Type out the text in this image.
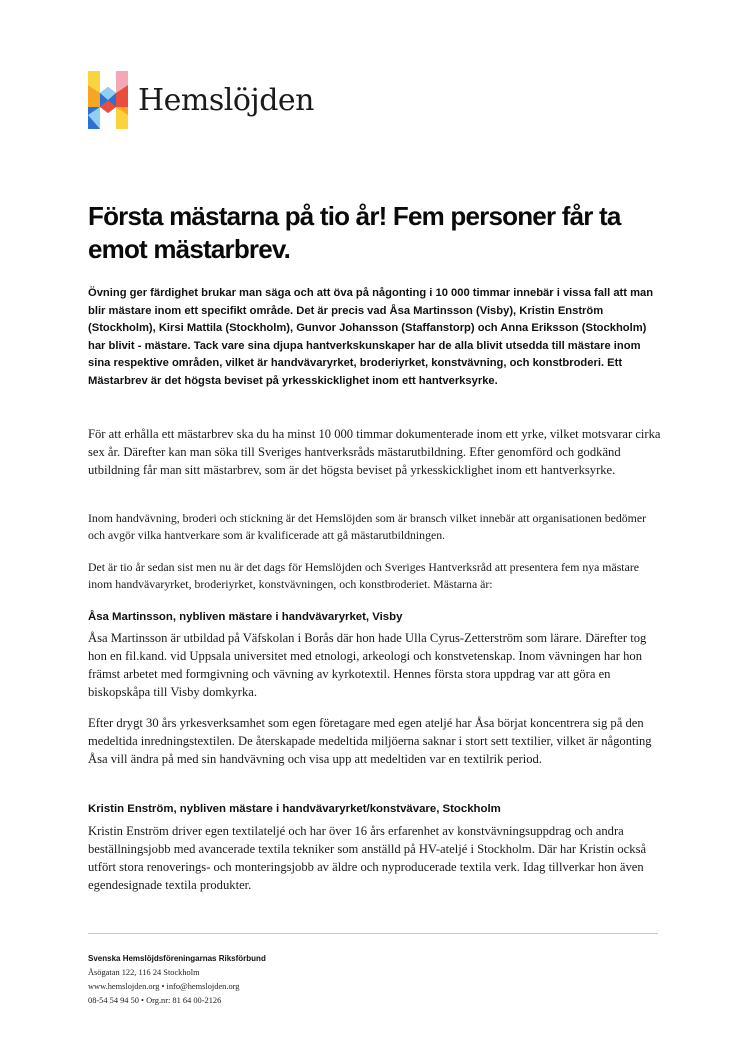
Hemslöjden
Första mästarna på tio år! Fem personer får ta emot mästarbrev.

Övning ger färdighet brukar man säga och att öva på någonting i 10 000 timmar innebär i vissa fall att man blir mästare inom ett specifikt område. Det är precis vad Åsa Martinsson (Visby), Kristin Enström (Stockholm), Kirsi Mattila (Stockholm), Gunvor Johansson (Staffanstorp) och Anna Eriksson (Stockholm) har blivit - mästare. Tack vare sina djupa hantverkskunskaper har de alla blivit utsedda till mästare inom sina respektive områden, vilket är handvävaryrket, broderiyrket, konstvävning, och konstbroderi. Ett Mästarbrev är det högsta beviset på yrkesskicklighet inom ett hantverksyrke.

För att erhålla ett mästarbrev ska du ha minst 10 000 timmar dokumenterade inom ett yrke, vilket motsvarar cirka sex år. Därefter kan man söka till Sveriges hantverksråds mästarutbildning. Efter genomförd och godkänd utbildning får man sitt mästarbrev, som är det högsta beviset på yrkesskicklighet inom ett hantverksyrke.

Inom handvävning, broderi och stickning är det Hemslöjden som är bransch vilket innebär att organisationen bedömer och avgör vilka hantverkare som är kvalificerade att gå mästarutbildningen.

Det är tio år sedan sist men nu är det dags för Hemslöjden och Sveriges Hantverksråd att presentera fem nya mästare inom handvävaryrket, broderiyrket, konstvävningen, och konstbroderiet. Mästarna är:

Åsa Martinsson, nybliven mästare i handvävaryrket, Visby

Åsa Martinsson är utbildad på Väfskolan i Borås där hon hade Ulla Cyrus-Zetterström som lärare. Därefter tog hon en fil.kand. vid Uppsala universitet med etnologi, arkeologi och konstvetenskap. Inom vävningen har hon främst arbetet med formgivning och vävning av kyrkotextil. Hennes första stora uppdrag var att göra en biskopskåpa till Visby domkyrka.

Efter drygt 30 års yrkesverksamhet som egen företagare med egen ateljé har Åsa börjat koncentrera sig på den medeltida inredningstextilen. De återskapade medeltida miljöerna saknar i stort sett textilier, vilket är någonting Åsa vill ändra på med sin handvävning och visa upp att medeltiden var en textilrik period.

Kristin Enström, nybliven mästare i handvävaryrket/konstvävare, Stockholm

Kristin Enström driver egen textilateljé och har över 16 års erfarenhet av konstvävningsuppdrag och andra beställningsjobb med avancerade textila tekniker som anställd på HV-ateljé i Stockholm. Där har Kristin också utfört stora renoverings- och monteringsjobb av äldre och nyproducerade textila verk. Idag tillverkar hon även egendesignade textila produkter.

Svenska Hemslöjdsföreningarnas Riksförbund

Åsögatan 122, 116 24 Stockholm

www.hemslojden.org • info@hemslojden.org

08-54 54 94 50 • Org.nr: 81 64 00-2126
